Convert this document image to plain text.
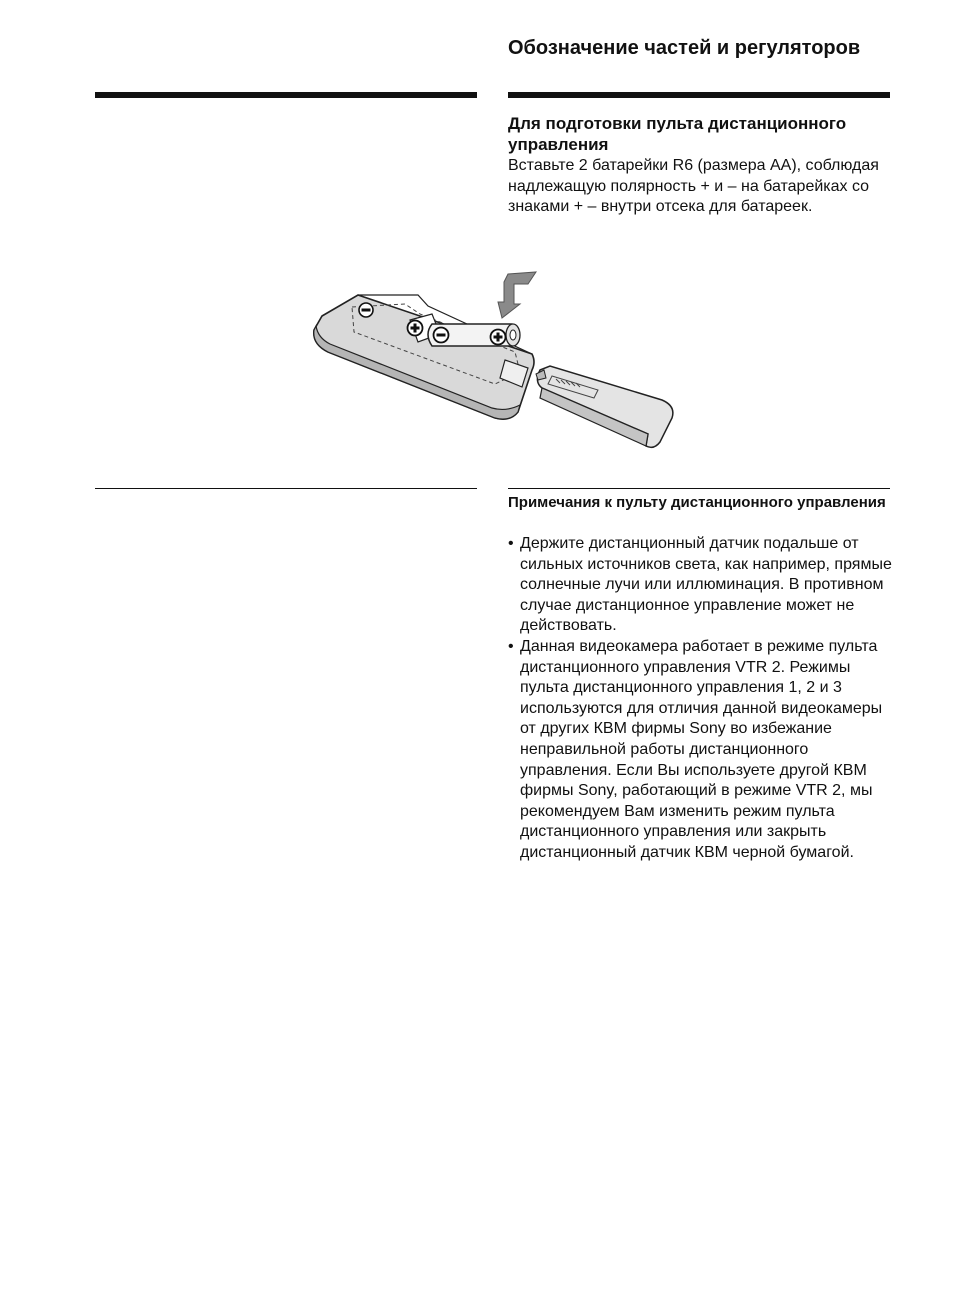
Обозначение частей и регуляторов
Для подготовки пульта дистанционного управления

Вставьте 2 батарейки R6 (размера AA), соблюдая надлежащую полярность + и – на батарейках со знаками + – внутри отсека для батареек.

Примечания к пульту дистанционного управления
• Держите дистанционный датчик подальше от сильных источников света, как например, прямые солнечные лучи или иллюминация. В противном случае дистанционное управление может не действовать.
• Данная видеокамера работает в режиме пульта дистанционного управления VTR 2. Режимы пульта дистанционного управления 1, 2 и 3 используются для отличия данной видеокамеры от других КВМ фирмы Sony во избежание неправильной работы дистанционного управления. Если Вы используете другой КВМ фирмы Sony, работающий в режиме VTR 2, мы рекомендуем Вам изменить режим пульта дистанционного управления или закрыть дистанционный датчик КВМ черной бумагой.
